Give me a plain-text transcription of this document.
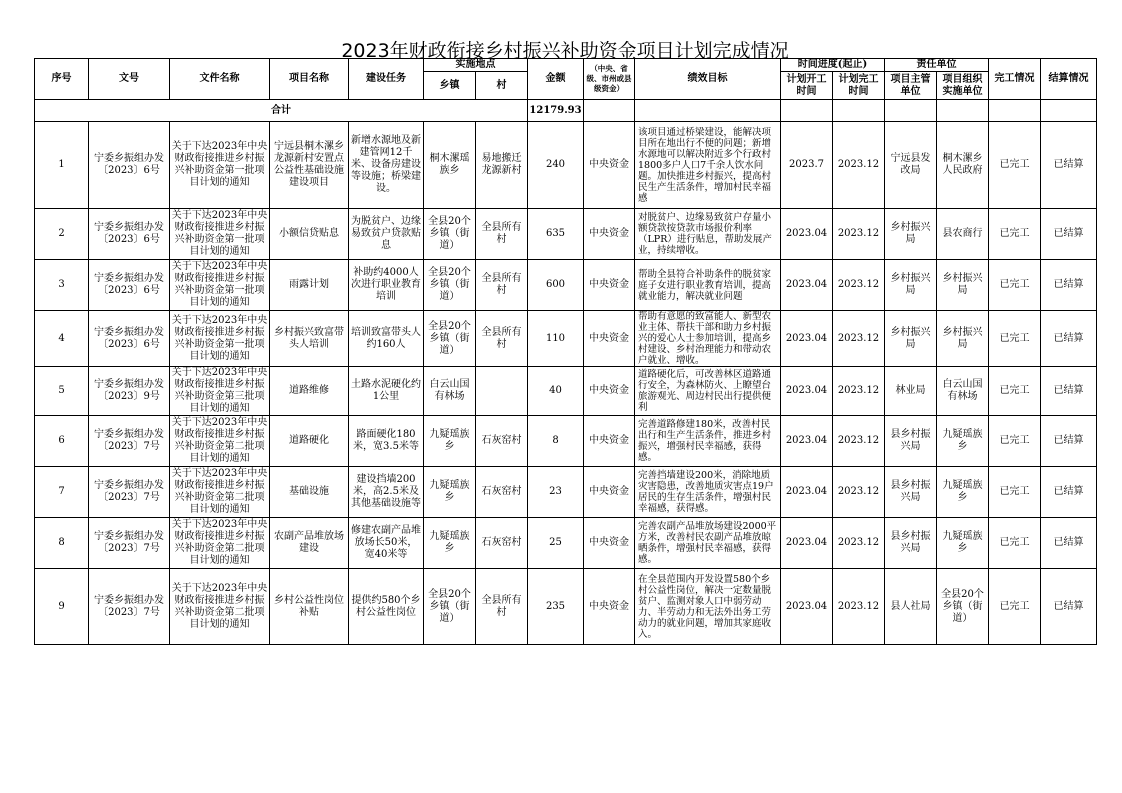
2023年财政衔接乡村振兴补助资金项目计划完成情况
序号	文号	文件名称	项目名称	建设任务	实施地点		金额	（中央、省级、市州或县级资金）	绩效目标	时间进度(起止)		责任单位		完工情况	结算情况
					乡镇	村				计划开工时间	计划完工时间	项目主管单位	项目组织实施单位		
合计							12179.93								
1	宁委乡振组办发〔2023〕6号	关于下达2023年中央财政衔接推进乡村振兴补助资金第一批项目计划的通知	宁远县桐木漯乡龙源新村安置点公益性基础设施建设项目	新增水源地及新建管网12千米、设备房建设等设施；桥梁建设。	桐木漯瑶族乡	易地搬迁龙源新村	240	中央资金	该项目通过桥梁建设，能解决项目所在地出行不便的问题；新增水源地可以解决附近多个行政村1800多户人口7千余人饮水问题。加快推进乡村振兴，提高村民生产生活条件，增加村民幸福感	2023.7	2023.12	宁远县发改局	桐木漯乡人民政府	已完工	已结算
2	宁委乡振组办发〔2023〕6号	关于下达2023年中央财政衔接推进乡村振兴补助资金第一批项目计划的通知	小额信贷贴息	为脱贫户、边缘易致贫户贷款贴息	全县20个乡镇（街道）	全县所有村	635	中央资金	对脱贫户、边缘易致贫户存量小额贷款按贷款市场报价利率（LPR）进行贴息，帮助发展产业，持续增收。	2023.04	2023.12	乡村振兴局	县农商行	已完工	已结算
3	宁委乡振组办发〔2023〕6号	关于下达2023年中央财政衔接推进乡村振兴补助资金第一批项目计划的通知	雨露计划	补助约4000人次进行职业教育培训	全县20个乡镇（街道）	全县所有村	600	中央资金	帮助全县符合补助条件的脱贫家庭子女进行职业教育培训，提高就业能力，解决就业问题	2023.04	2023.12	乡村振兴局	乡村振兴局	已完工	已结算
4	宁委乡振组办发〔2023〕6号	关于下达2023年中央财政衔接推进乡村振兴补助资金第一批项目计划的通知	乡村振兴致富带头人培训	培训致富带头人约160人	全县20个乡镇（街道）	全县所有村	110	中央资金	帮助有意愿的致富能人、新型农业主体、帮扶干部和助力乡村振兴的爱心人士参加培训，提高乡村建设、乡村治理能力和带动农户就业、增收。	2023.04	2023.12	乡村振兴局	乡村振兴局	已完工	已结算
5	宁委乡振组办发〔2023〕9号	关于下达2023年中央财政衔接推进乡村振兴补助资金第三批项目计划的通知	道路维修	土路水泥硬化约1公里	白云山国有林场		40	中央资金	道路硬化后，可改善林区道路通行安全，为森林防火、上瞭望台旅游观光、周边村民出行提供便利	2023.04	2023.12	林业局	白云山国有林场	已完工	已结算
6	宁委乡振组办发〔2023〕7号	关于下达2023年中央财政衔接推进乡村振兴补助资金第二批项目计划的通知	道路硬化	路面硬化180米，宽3.5米等	九疑瑶族乡	石灰窑村	8	中央资金	完善道路修建180米，改善村民出行和生产生活条件，推进乡村振兴，增强村民幸福感，获得感。	2023.04	2023.12	县乡村振兴局	九疑瑶族乡	已完工	已结算
7	宁委乡振组办发〔2023〕7号	关于下达2023年中央财政衔接推进乡村振兴补助资金第二批项目计划的通知	基础设施	建设挡墙200米，高2.5米及其他基础设施等	九疑瑶族乡	石灰窑村	23	中央资金	完善挡墙建设200米，消除地质灾害隐患，改善地质灾害点19户居民的生存生活条件，增强村民幸福感，获得感。	2023.04	2023.12	县乡村振兴局	九疑瑶族乡	已完工	已结算
8	宁委乡振组办发〔2023〕7号	关于下达2023年中央财政衔接推进乡村振兴补助资金第二批项目计划的通知	农副产品堆放场建设	修建农副产品堆放场长50米，宽40米等	九疑瑶族乡	石灰窑村	25	中央资金	完善农副产品堆放场建设2000平方米，改善村民农副产品堆放晾晒条件，增强村民幸福感，获得感。	2023.04	2023.12	县乡村振兴局	九疑瑶族乡	已完工	已结算
9	宁委乡振组办发〔2023〕7号	关于下达2023年中央财政衔接推进乡村振兴补助资金第二批项目计划的通知	乡村公益性岗位补贴	提供约580个乡村公益性岗位	全县20个乡镇（街道）	全县所有村	235	中央资金	在全县范围内开发设置580个乡村公益性岗位，解决一定数量脱贫户、监测对象人口中弱劳动力、半劳动力和无法外出务工劳动力的就业问题，增加其家庭收入。	2023.04	2023.12	县人社局	全县20个乡镇（街道）	已完工	已结算
